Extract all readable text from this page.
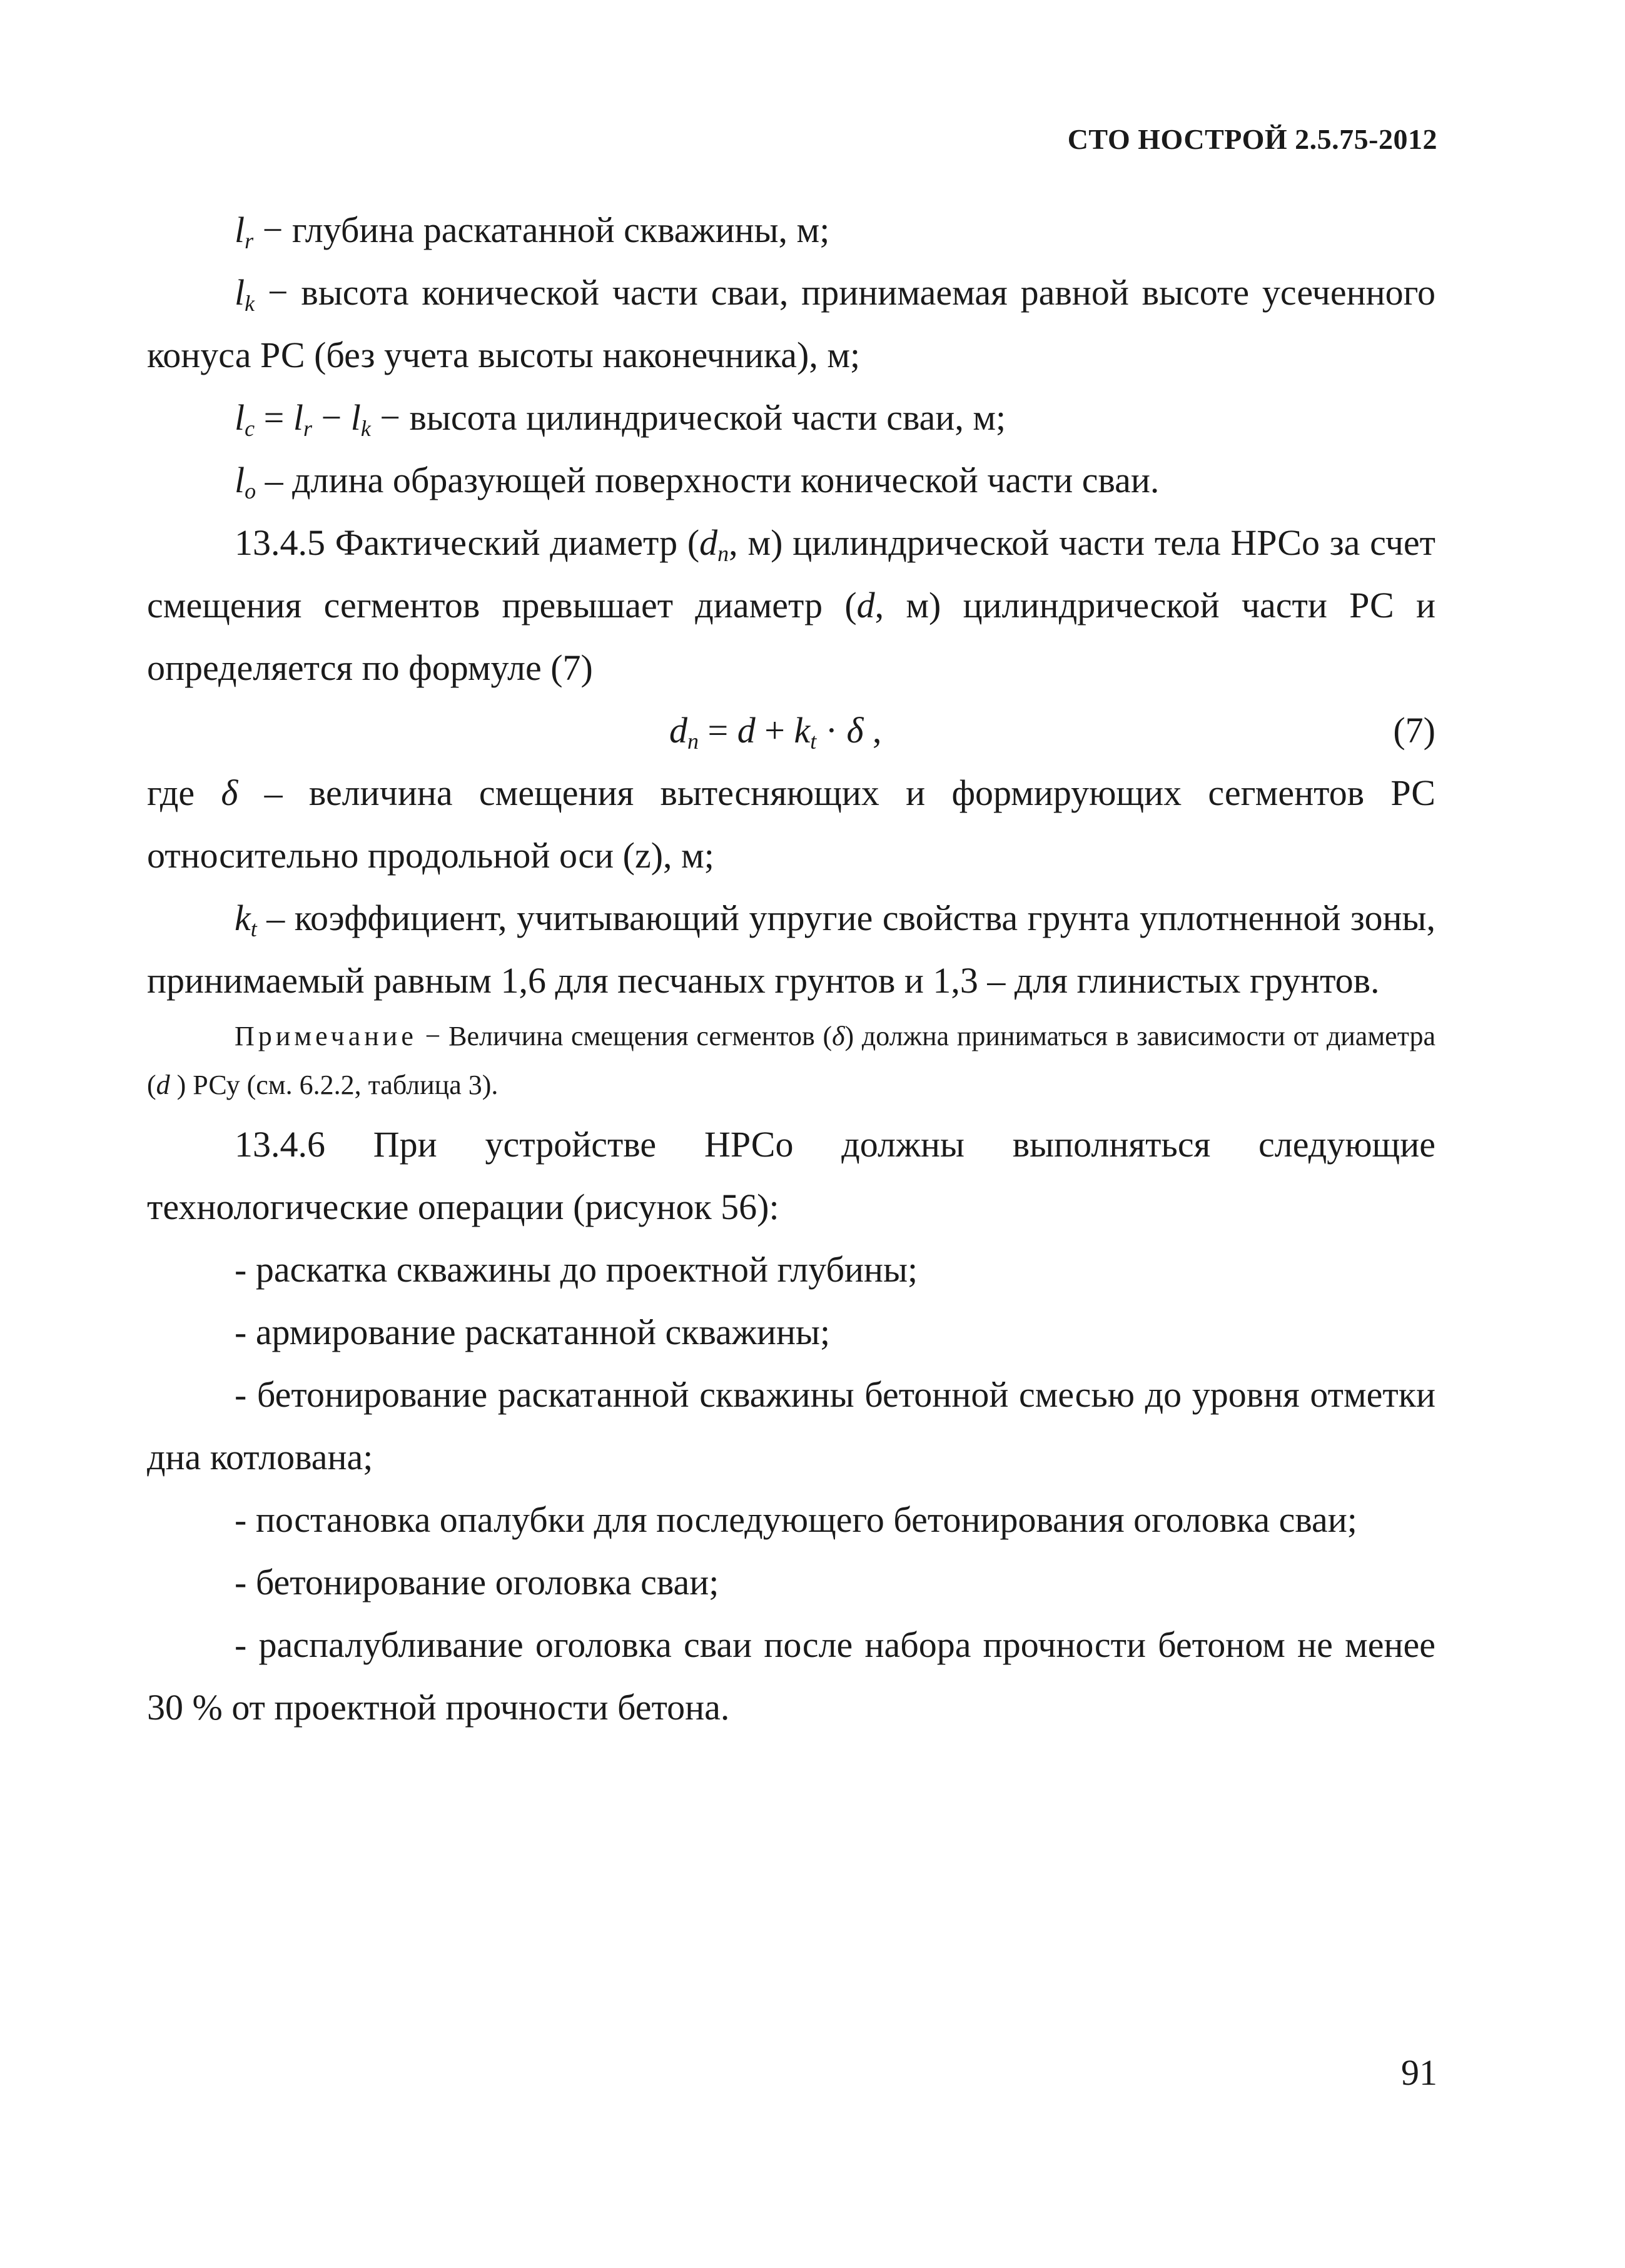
СТО НОСТРОЙ 2.5.75-2012

$l_r$ − глубина раскатанной скважины, м;

$l_k$ − высота конической части сваи, принимаемая равной высоте усеченного конуса РС (без учета высоты наконечника), м;

$l_c = l_r - l_k$ − высота цилиндрической части сваи, м;

$l_o$ – длина образующей поверхности конической части сваи.

13.4.5 Фактический диаметр ($d_n$, м) цилиндрической части тела НРСо за счет смещения сегментов превышает диаметр (d, м) цилиндрической части РС и определяется по формуле (7)

$d_n = d + k_t \cdot \delta$ ,	(7)

где δ – величина смещения вытесняющих и формирующих сегментов РС относительно продольной оси (z), м;

$k_t$ – коэффициент, учитывающий упругие свойства грунта уплотненной зоны, принимаемый равным 1,6 для песчаных грунтов и 1,3 – для глинистых грунтов.

Примечание − Величина смещения сегментов (δ) должна приниматься в зависимости от диаметра (d ) РСу (см. 6.2.2, таблица 3).

13.4.6 При устройстве НРСо должны выполняться следующие технологические операции (рисунок 56):

- раскатка скважины до проектной глубины;

- армирование раскатанной скважины;

- бетонирование раскатанной скважины бетонной смесью до уровня отметки дна котлована;

- постановка опалубки для последующего бетонирования оголовка сваи;

- бетонирование оголовка сваи;

- распалубливание оголовка сваи после набора прочности бетоном не менее 30 % от проектной прочности бетона.

91
